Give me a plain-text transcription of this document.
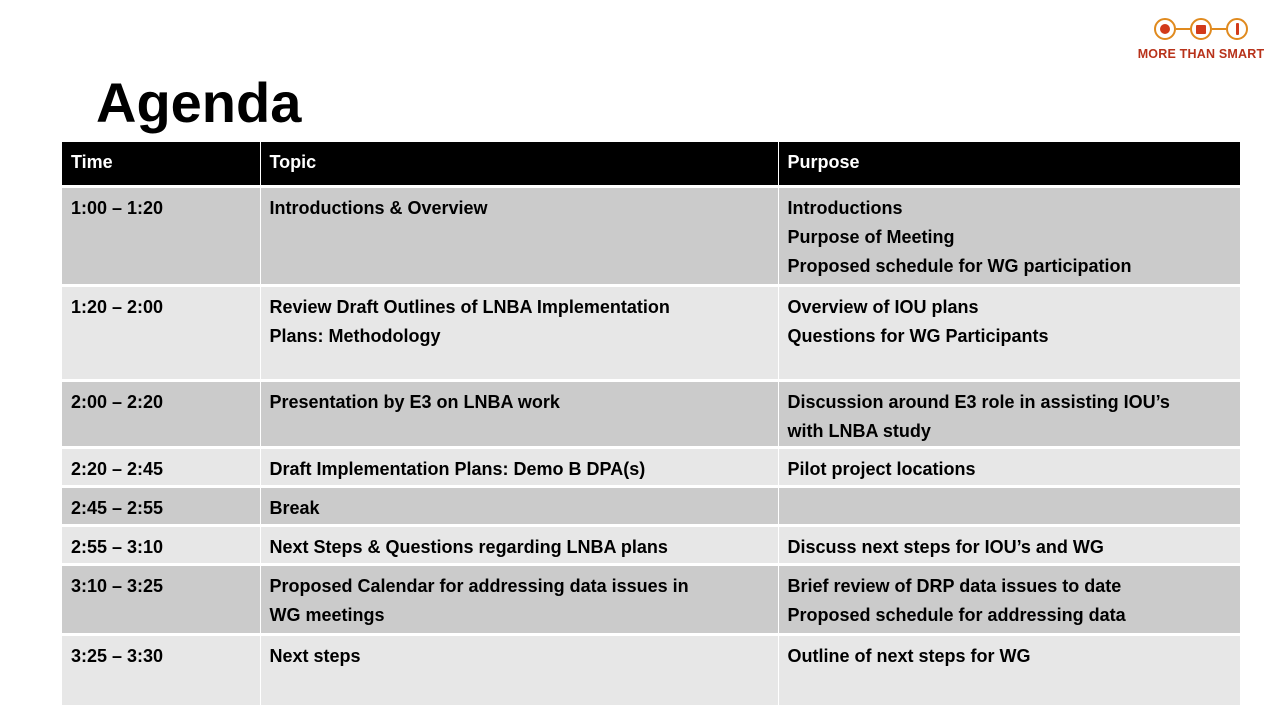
Agenda
MORE THAN SMART
Time	Topic	Purpose
1:00 – 1:20	Introductions & Overview	Introductions
Purpose of Meeting
Proposed schedule for WG participation

1:20 – 2:00	Review Draft Outlines of LNBA Implementation
Plans: Methodology	Overview of IOU plans
Questions for WG Participants

2:00 – 2:20	Presentation by E3 on LNBA work	Discussion around E3 role in assisting IOU’s
with LNBA study

2:20 – 2:45	Draft Implementation Plans: Demo B DPA(s)	Pilot project locations

2:45 – 2:55	Break	

2:55 – 3:10	Next Steps & Questions regarding LNBA plans	Discuss next steps for IOU’s and WG

3:10 – 3:25	Proposed Calendar for addressing data issues in
WG meetings	Brief review of DRP data issues to date
Proposed schedule for addressing data

3:25 – 3:30	Next steps	Outline of next steps for WG
